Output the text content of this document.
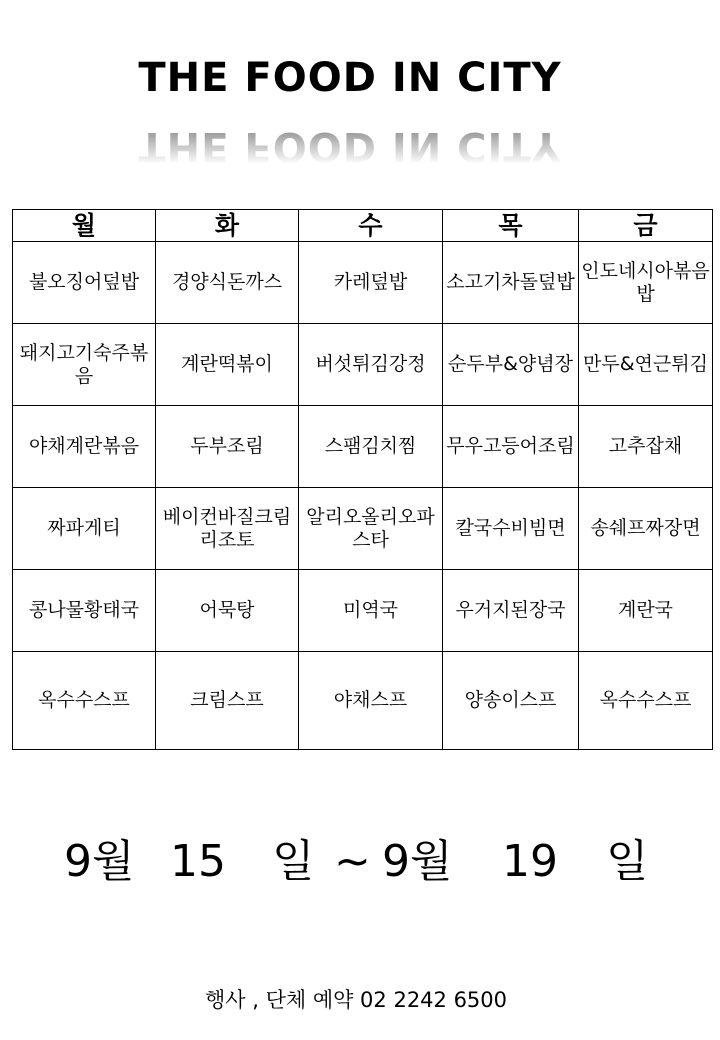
THE FOOD IN CITY
THE FOOD IN CITY
월	화	수	목	금
불오징어덮밥	경양식돈까스	카레덮밥	소고기차돌덮밥	인도네시아볶음밥
돼지고기숙주볶음	계란떡볶이	버섯튀김강정	순두부&양념장	만두&연근튀김
야채계란볶음	두부조림	스팸김치찜	무우고등어조림	고추잡채
짜파게티	베이컨바질크림리조토	알리오올리오파스타	칼국수비빔면	송쉐프짜장면
콩나물황태국	어묵탕	미역국	우거지된장국	계란국
옥수수스프	크림스프	야채스프	양송이스프	옥수수스프
9월 15 일 ~ 9월 19 일
행사 , 단체 예약 02 2242 6500
